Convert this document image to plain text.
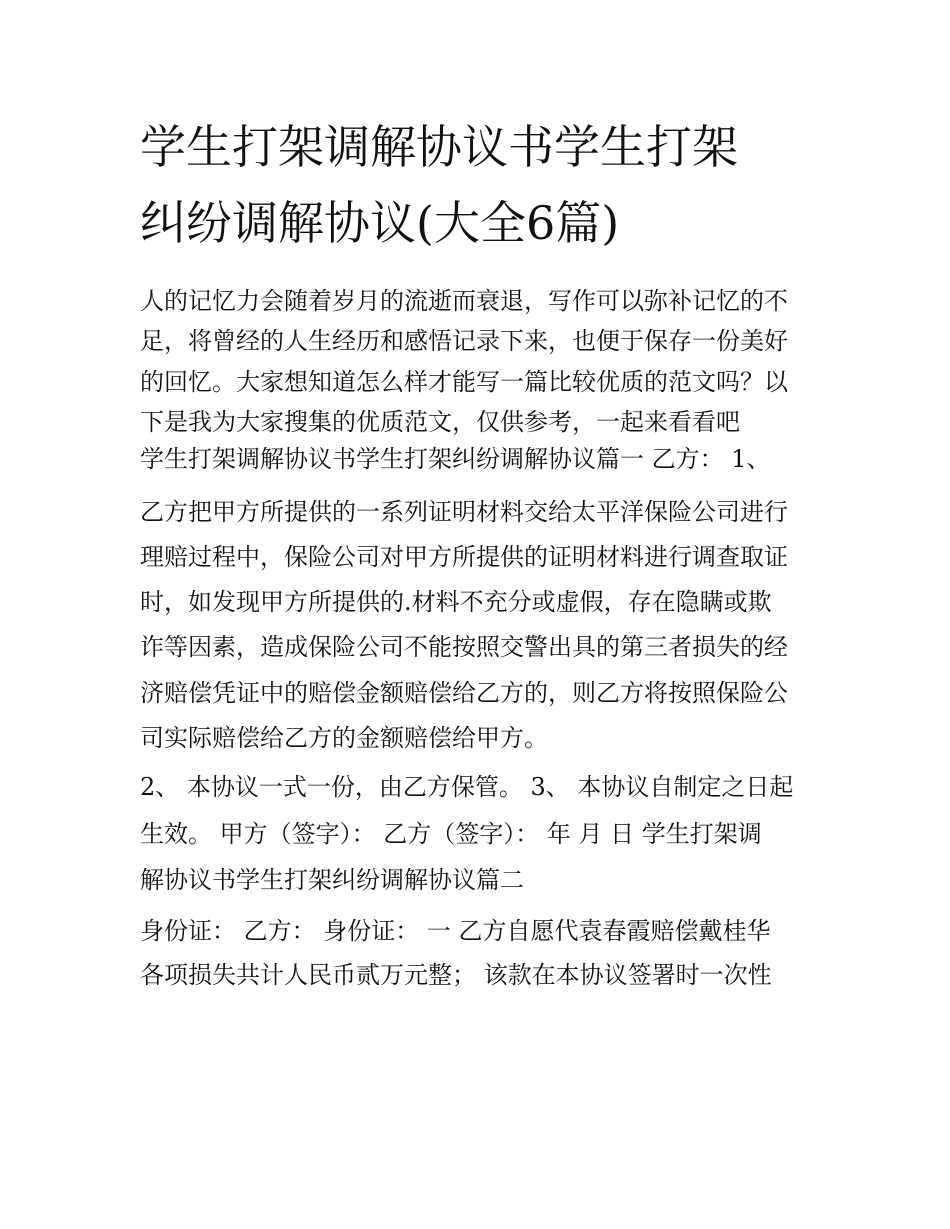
学生打架调解协议书学生打架
纠纷调解协议(大全6篇)

人的记忆力会随着岁月的流逝而衰退，写作可以弥补记忆的不

足，将曾经的人生经历和感悟记录下来，也便于保存一份美好

的回忆。大家想知道怎么样才能写一篇比较优质的范文吗？以

下是我为大家搜集的优质范文，仅供参考，一起来看看吧

学生打架调解协议书学生打架纠纷调解协议篇一 乙方： 1、

乙方把甲方所提供的一系列证明材料交给太平洋保险公司进行

理赔过程中，保险公司对甲方所提供的证明材料进行调查取证

时，如发现甲方所提供的.材料不充分或虚假，存在隐瞒或欺

诈等因素，造成保险公司不能按照交警出具的第三者损失的经

济赔偿凭证中的赔偿金额赔偿给乙方的，则乙方将按照保险公

司实际赔偿给乙方的金额赔偿给甲方。

2、 本协议一式一份，由乙方保管。 3、 本协议自制定之日起

生效。 甲方（签字）： 乙方（签字）： 年 月 日 学生打架调

解协议书学生打架纠纷调解协议篇二

身份证： 乙方： 身份证： 一 乙方自愿代袁春霞赔偿戴桂华

各项损失共计人民币贰万元整； 该款在本协议签署时一次性
